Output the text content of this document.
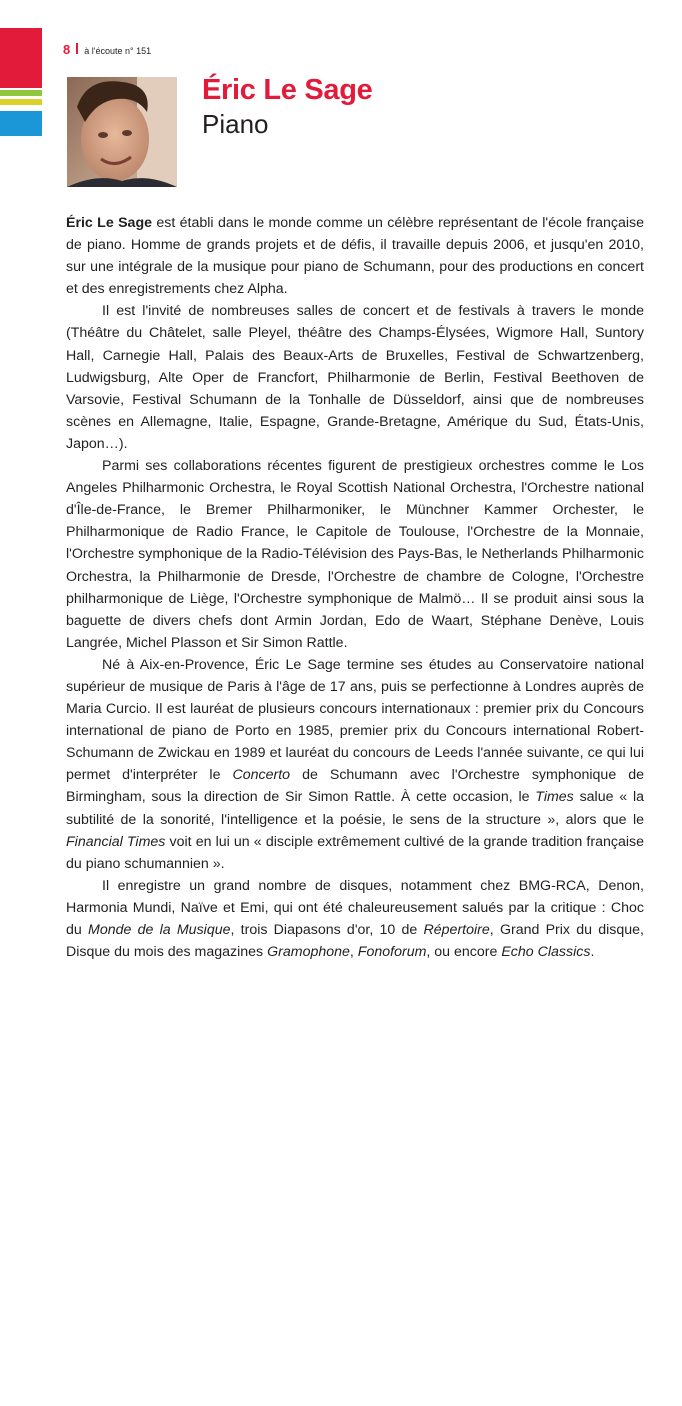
8 à l'écoute n° 151
Éric Le Sage
Piano

Éric Le Sage est établi dans le monde comme un célèbre représentant de l'école française de piano. Homme de grands projets et de défis, il travaille depuis 2006, et jusqu'en 2010, sur une intégrale de la musique pour piano de Schumann, pour des productions en concert et des enregistrements chez Alpha.

Il est l'invité de nombreuses salles de concert et de festivals à travers le monde (Théâtre du Châtelet, salle Pleyel, théâtre des Champs-Élysées, Wigmore Hall, Suntory Hall, Carnegie Hall, Palais des Beaux-Arts de Bruxelles, Festival de Schwartzenberg, Ludwigsburg, Alte Oper de Francfort, Philharmonie de Berlin, Festival Beethoven de Varsovie, Festival Schumann de la Tonhalle de Düsseldorf, ainsi que de nombreuses scènes en Allemagne, Italie, Espagne, Grande-Bretagne, Amérique du Sud, États-Unis, Japon…).

Parmi ses collaborations récentes figurent de prestigieux orchestres comme le Los Angeles Philharmonic Orchestra, le Royal Scottish National Orchestra, l'Orchestre national d'Île-de-France, le Bremer Philharmoniker, le Münchner Kammer Orchester, le Philharmonique de Radio France, le Capitole de Toulouse, l'Orchestre de la Monnaie, l'Orchestre symphonique de la Radio-Télévision des Pays-Bas, le Netherlands Philharmonic Orchestra, la Philharmonie de Dresde, l'Orchestre de chambre de Cologne, l'Orchestre philharmonique de Liège, l'Orchestre symphonique de Malmö… Il se produit ainsi sous la baguette de divers chefs dont Armin Jordan, Edo de Waart, Stéphane Denève, Louis Langrée, Michel Plasson et Sir Simon Rattle.

Né à Aix-en-Provence, Éric Le Sage termine ses études au Conservatoire national supérieur de musique de Paris à l'âge de 17 ans, puis se perfectionne à Londres auprès de Maria Curcio. Il est lauréat de plusieurs concours internationaux : premier prix du Concours international de piano de Porto en 1985, premier prix du Concours international Robert-Schumann de Zwickau en 1989 et lauréat du concours de Leeds l'année suivante, ce qui lui permet d'interpréter le Concerto de Schumann avec l'Orchestre symphonique de Birmingham, sous la direction de Sir Simon Rattle. À cette occasion, le Times salue « la subtilité de la sonorité, l'intelligence et la poésie, le sens de la structure », alors que le Financial Times voit en lui un « disciple extrêmement cultivé de la grande tradition française du piano schumannien ».

Il enregistre un grand nombre de disques, notamment chez BMG-RCA, Denon, Harmonia Mundi, Naïve et Emi, qui ont été chaleureusement salués par la critique : Choc du Monde de la Musique, trois Diapasons d'or, 10 de Répertoire, Grand Prix du disque, Disque du mois des magazines Gramophone, Fonoforum, ou encore Echo Classics.
